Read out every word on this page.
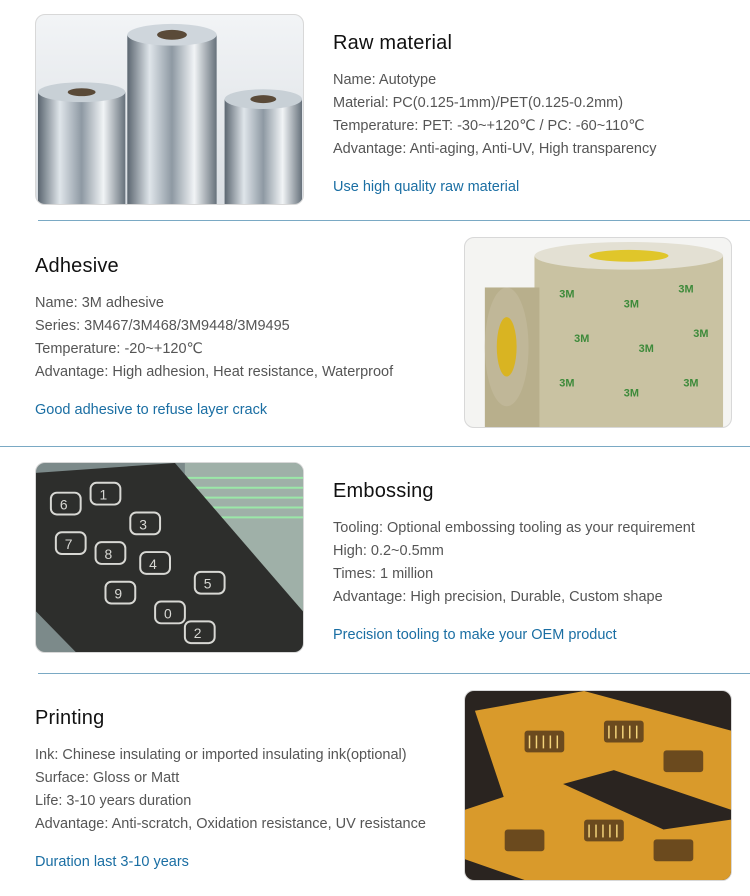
Raw material
Name: Autotype
Material: PC(0.125-1mm)/PET(0.125-0.2mm)
Temperature: PET: -30~+120℃ / PC: -60~110℃
Advantage: Anti-aging, Anti-UV, High transparency
Use high quality raw material
Adhesive
Name: 3M adhesive
Series: 3M467/3M468/3M9448/3M9495
Temperature: -20~+120℃
Advantage: High adhesion, Heat resistance, Waterproof
Good adhesive to refuse layer crack
3M
3M
3M
3M
3M
3M
3M
3M
3M
6
1
3
7
8
4
9
0
5
2
Embossing
Tooling: Optional embossing tooling as your requirement
High: 0.2~0.5mm
Times: 1 million
Advantage: High precision, Durable, Custom shape
Precision tooling to make your OEM product
Printing
Ink: Chinese insulating or imported insulating ink(optional)
Surface: Gloss or Matt
Life: 3-10 years duration
Advantage: Anti-scratch, Oxidation resistance, UV resistance
Duration last 3-10 years
